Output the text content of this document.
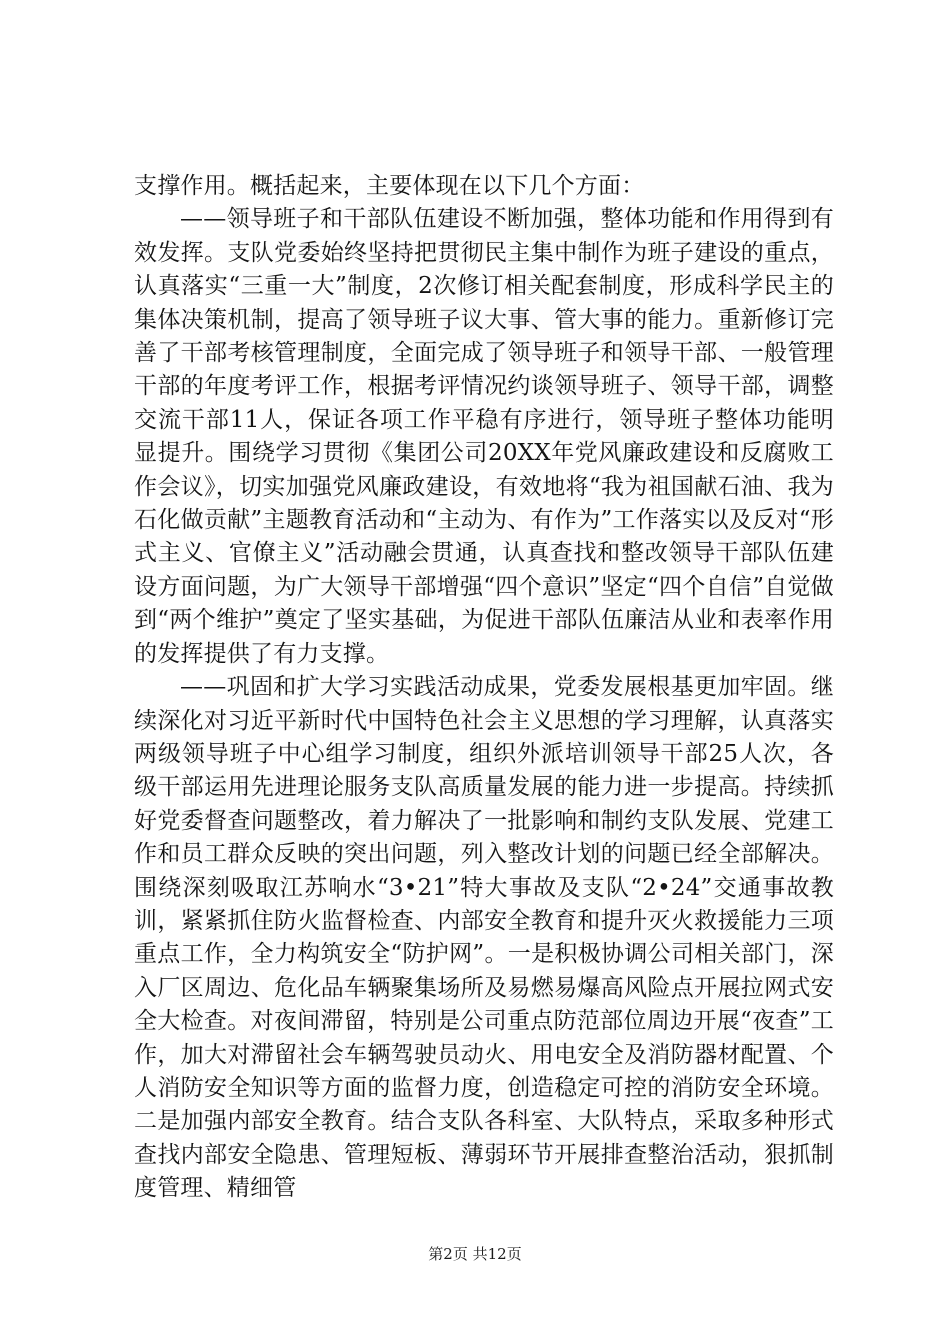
支撑作用。概括起来，主要体现在以下几个方面：

——领导班子和干部队伍建设不断加强，整体功能和作用得到有效发挥。支队党委始终坚持把贯彻民主集中制作为班子建设的重点，认真落实“三重一大”制度，2次修订相关配套制度，形成科学民主的集体决策机制，提高了领导班子议大事、管大事的能力。重新修订完善了干部考核管理制度，全面完成了领导班子和领导干部、一般管理干部的年度考评工作，根据考评情况约谈领导班子、领导干部，调整交流干部11人，保证各项工作平稳有序进行，领导班子整体功能明显提升。围绕学习贯彻《集团公司20XX年党风廉政建设和反腐败工作会议》，切实加强党风廉政建设，有效地将“我为祖国献石油、我为石化做贡献”主题教育活动和“主动为、有作为”工作落实以及反对“形式主义、官僚主义”活动融会贯通，认真查找和整改领导干部队伍建设方面问题，为广大领导干部增强“四个意识”坚定“四个自信”自觉做到“两个维护”奠定了坚实基础，为促进干部队伍廉洁从业和表率作用的发挥提供了有力支撑。

——巩固和扩大学习实践活动成果，党委发展根基更加牢固。继续深化对习近平新时代中国特色社会主义思想的学习理解，认真落实两级领导班子中心组学习制度，组织外派培训领导干部25人次，各级干部运用先进理论服务支队高质量发展的能力进一步提高。持续抓好党委督查问题整改，着力解决了一批影响和制约支队发展、党建工作和员工群众反映的突出问题，列入整改计划的问题已经全部解决。围绕深刻吸取江苏响水“3•21”特大事故及支队“2•24”交通事故教训，紧紧抓住防火监督检查、内部安全教育和提升灭火救援能力三项重点工作，全力构筑安全“防护网”。一是积极协调公司相关部门，深入厂区周边、危化品车辆聚集场所及易燃易爆高风险点开展拉网式安全大检查。对夜间滞留，特别是公司重点防范部位周边开展“夜查”工作，加大对滞留社会车辆驾驶员动火、用电安全及消防器材配置、个人消防安全知识等方面的监督力度，创造稳定可控的消防安全环境。二是加强内部安全教育。结合支队各科室、大队特点，采取多种形式查找内部安全隐患、管理短板、薄弱环节开展排查整治活动，狠抓制度管理、精细管

第2页 共12页
